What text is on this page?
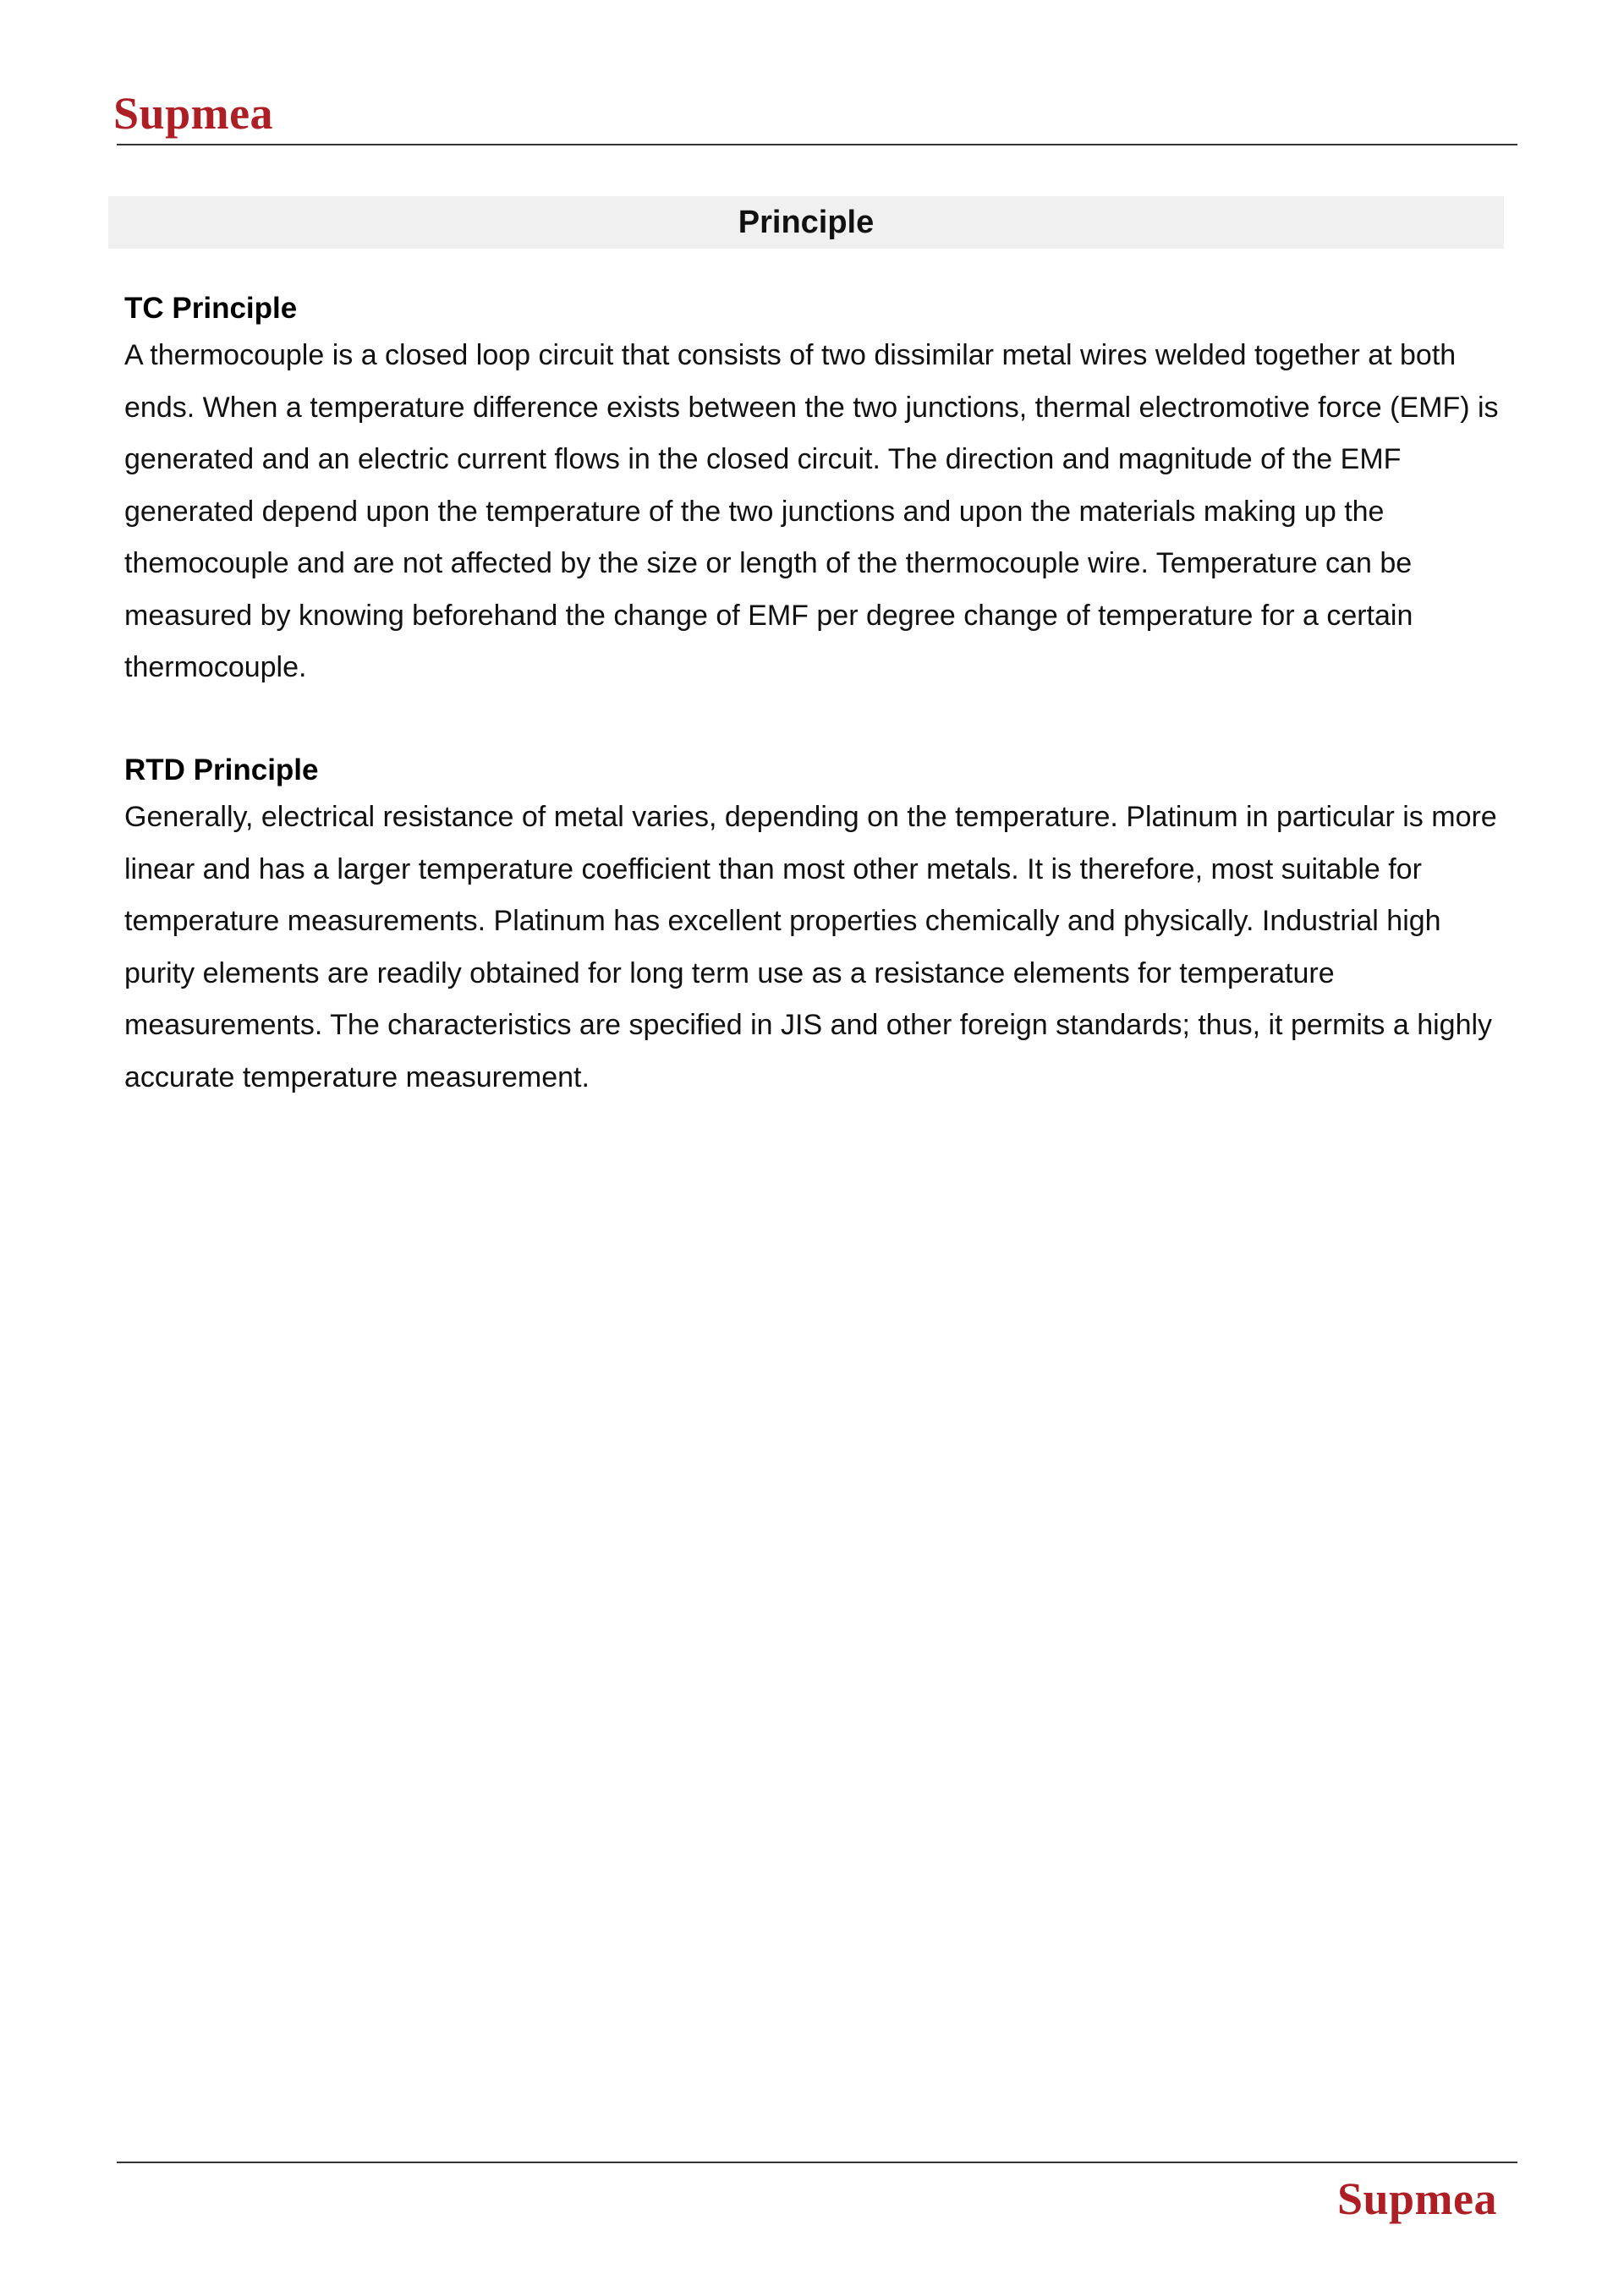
Supmea
Principle
TC Principle

A thermocouple is a closed loop circuit that consists of two dissimilar metal wires welded together at both ends. When a temperature difference exists between the two junctions, thermal electromotive force (EMF) is generated and an electric current flows in the closed circuit. The direction and magnitude of the EMF generated depend upon the temperature of the two junctions and upon the materials making up the themocouple and are not affected by the size or length of the thermocouple wire. Temperature can be measured by knowing beforehand the change of EMF per degree change of temperature for a certain thermocouple.

RTD Principle

Generally, electrical resistance of metal varies, depending on the temperature. Platinum in particular is more linear and has a larger temperature coefficient than most other metals. It is therefore, most suitable for temperature measurements. Platinum has excellent properties chemically and physically. Industrial high purity elements are readily obtained for long term use as a resistance elements for temperature measurements. The characteristics are specified in JIS and other foreign standards; thus, it permits a highly accurate temperature measurement.

Supmea
